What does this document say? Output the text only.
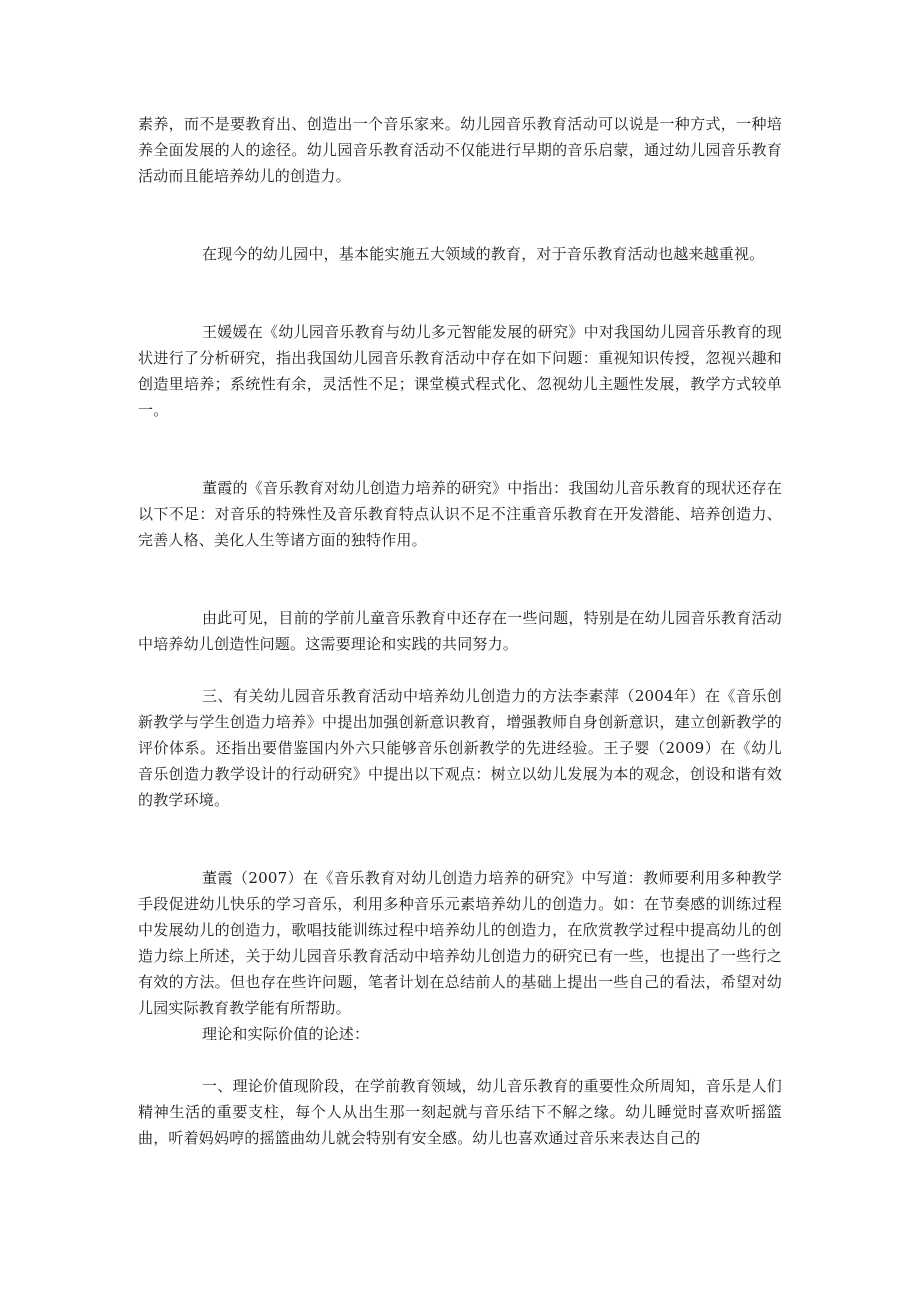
素养，而不是要教育出、创造出一个音乐家来。幼儿园音乐教育活动可以说是一种方式，一种培养全面发展的人的途径。幼儿园音乐教育活动不仅能进行早期的音乐启蒙，通过幼儿园音乐教育活动而且能培养幼儿的创造力。

在现今的幼儿园中，基本能实施五大领域的教育，对于音乐教育活动也越来越重视。

王媛媛在《幼儿园音乐教育与幼儿多元智能发展的研究》中对我国幼儿园音乐教育的现状进行了分析研究，指出我国幼儿园音乐教育活动中存在如下问题：重视知识传授，忽视兴趣和创造里培养；系统性有余，灵活性不足；课堂模式程式化、忽视幼儿主题性发展，教学方式较单一。

董霞的《音乐教育对幼儿创造力培养的研究》中指出：我国幼儿音乐教育的现状还存在以下不足：对音乐的特殊性及音乐教育特点认识不足不注重音乐教育在开发潜能、培养创造力、完善人格、美化人生等诸方面的独特作用。

由此可见，目前的学前儿童音乐教育中还存在一些问题，特别是在幼儿园音乐教育活动中培养幼儿创造性问题。这需要理论和实践的共同努力。

三、有关幼儿园音乐教育活动中培养幼儿创造力的方法李素萍（2004年）在《音乐创新教学与学生创造力培养》中提出加强创新意识教育，增强教师自身创新意识，建立创新教学的评价体系。还指出要借鉴国内外六只能够音乐创新教学的先进经验。王子婴（2009）在《幼儿音乐创造力教学设计的行动研究》中提出以下观点：树立以幼儿发展为本的观念，创设和谐有效的教学环境。

董霞（2007）在《音乐教育对幼儿创造力培养的研究》中写道：教师要利用多种教学手段促进幼儿快乐的学习音乐，利用多种音乐元素培养幼儿的创造力。如：在节奏感的训练过程中发展幼儿的创造力，歌唱技能训练过程中培养幼儿的创造力，在欣赏教学过程中提高幼儿的创造力综上所述，关于幼儿园音乐教育活动中培养幼儿创造力的研究已有一些，也提出了一些行之有效的方法。但也存在些许问题，笔者计划在总结前人的基础上提出一些自己的看法，希望对幼儿园实际教育教学能有所帮助。

理论和实际价值的论述：

一、理论价值现阶段，在学前教育领域，幼儿音乐教育的重要性众所周知，音乐是人们精神生活的重要支柱，每个人从出生那一刻起就与音乐结下不解之缘。幼儿睡觉时喜欢听摇篮曲，听着妈妈哼的摇篮曲幼儿就会特别有安全感。幼儿也喜欢通过音乐来表达自己的
